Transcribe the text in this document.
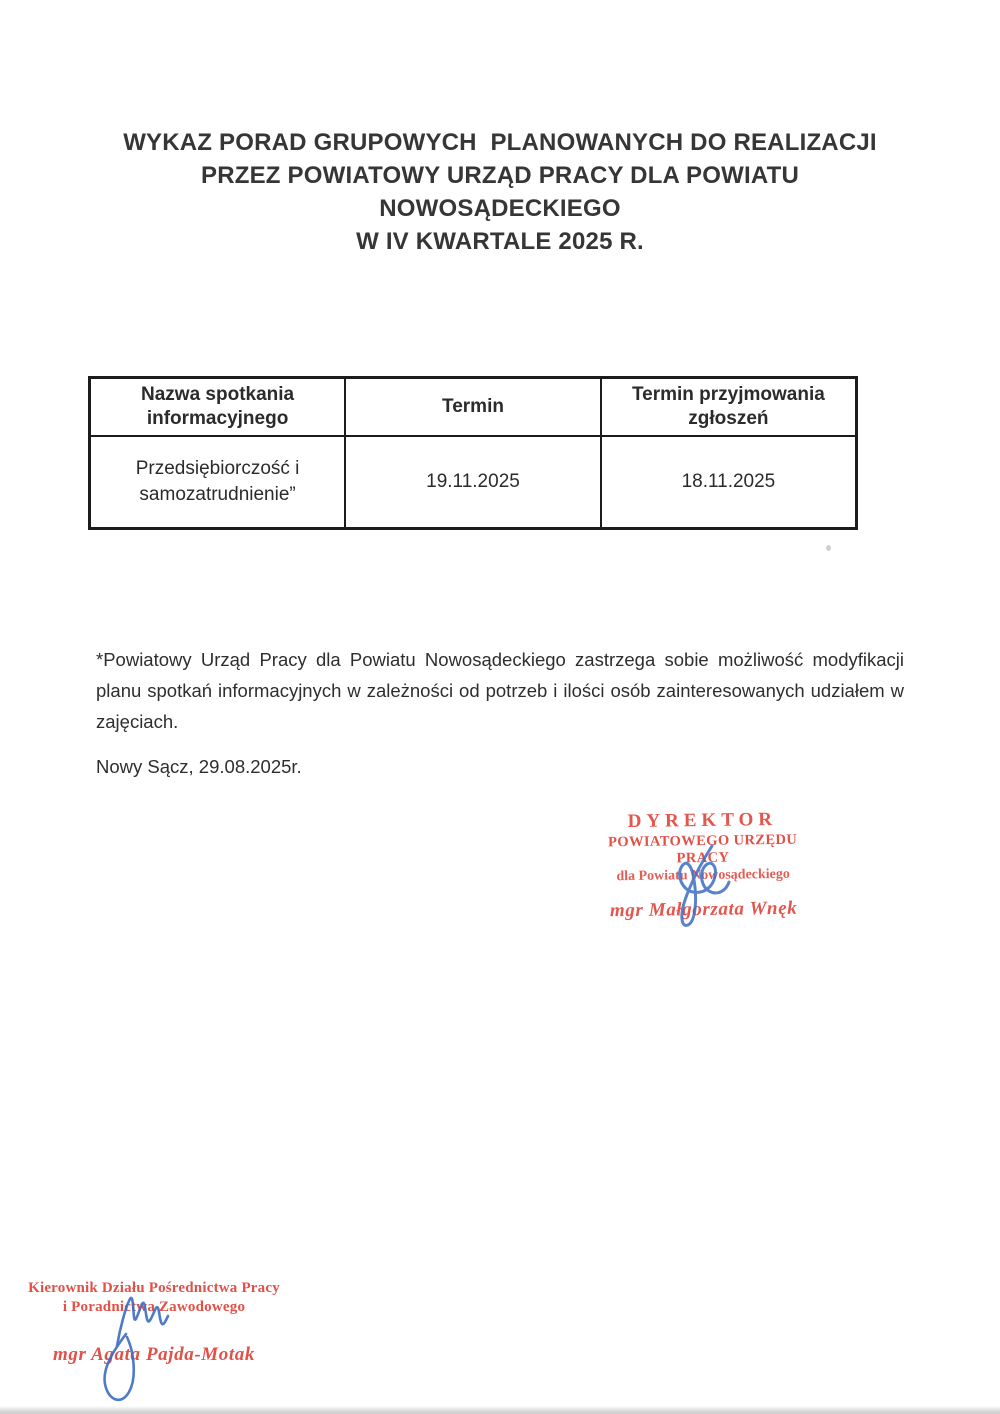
WYKAZ PORAD GRUPOWYCH  PLANOWANYCH DO REALIZACJI
PRZEZ POWIATOWY URZĄD PRACY DLA POWIATU
NOWOSĄDECKIEGO
W IV KWARTALE 2025 R.
Nazwa spotkania informacyjnego	Termin	Termin przyjmowania zgłoszeń
Przedsiębiorczość i samozatrudnienie”	19.11.2025	18.11.2025
*Powiatowy Urząd Pracy dla Powiatu Nowosądeckiego zastrzega sobie możliwość modyfikacji planu spotkań informacyjnych w zależności od potrzeb i ilości osób zainteresowanych udziałem w zajęciach.
Nowy Sącz, 29.08.2025r.
DYREKTOR
POWIATOWEGO URZĘDU PRACY
dla Powiatu Nowosądeckiego
mgr Małgorzata Wnęk
Kierownik Działu Pośrednictwa Pracy
i Poradnictwa Zawodowego
mgr Agata Pajda-Motak
